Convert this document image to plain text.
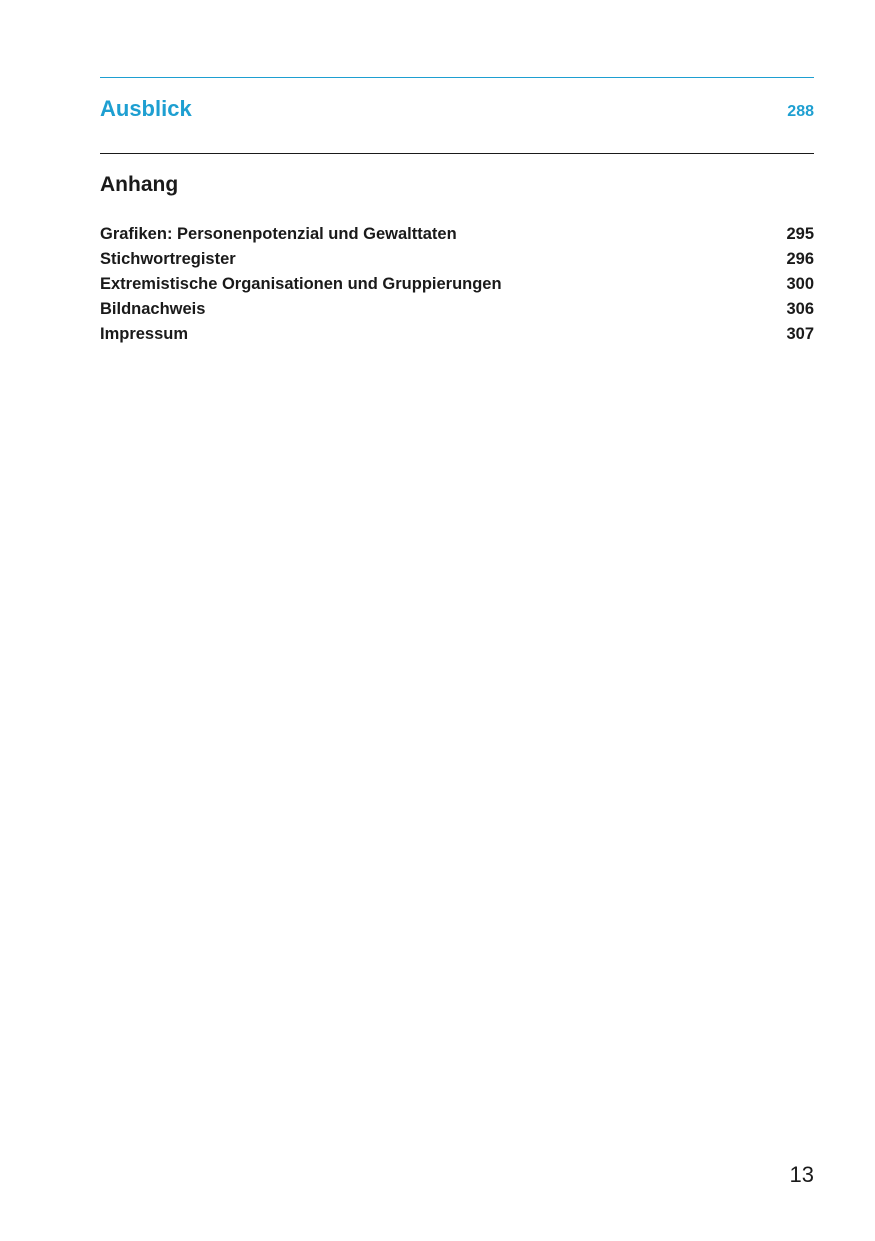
Ausblick	288
Anhang
Grafiken: Personenpotenzial und Gewalttaten	295
Stichwortregister	296
Extremistische Organisationen und Gruppierungen	300
Bildnachweis	306
Impressum	307
13
